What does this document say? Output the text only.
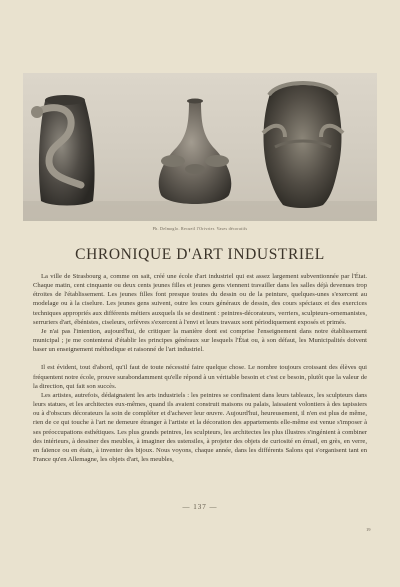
Ph. Delmoglo. Recueil l'Orivrier. Vases décoratifs
CHRONIQUE D'ART INDUSTRIEL

La ville de Strasbourg a, comme on sait, créé une école d'art industriel qui est assez largement subventionnée par l'État. Chaque matin, cent cinquante ou deux cents jeunes filles et jeunes gens viennent travailler dans les salles déjà devenues trop étroites de l'établissement. Les jeunes filles font presque toutes du dessin ou de la peinture, quelques-unes s'exercent au modelage ou à la ciselure. Les jeunes gens suivent, outre les cours généraux de dessin, des cours spéciaux et des exercices techniques appropriés aux différents métiers auxquels ils se destinent : peintres-décorateurs, verriers, sculpteurs-ornemanistes, serruriers d'art, ébénistes, ciseleurs, orfèvres s'exercent à l'envi et leurs travaux sont périodiquement exposés et primés.

Je n'ai pas l'intention, aujourd'hui, de critiquer la manière dont est comprise l'enseignement dans notre établissement municipal ; je me contenterai d'établir les principes généraux sur lesquels l'État ou, à son défaut, les Municipalités doivent baser un enseignement méthodique et raisonné de l'art industriel.

Il est évident, tout d'abord, qu'il faut de toute nécessité faire quelque chose. Le nombre toujours croissant des élèves qui fréquentent notre école, prouve surabondamment qu'elle répond à un véritable besoin et c'est ce besoin, plutôt que la valeur de la direction, qui fait son succès.

Les artistes, autrefois, dédaignaient les arts industriels : les peintres se confinaient dans leurs tableaux, les sculpteurs dans leurs statues, et les architectes eux-mêmes, quand ils avaient construit maisons ou palais, laissaient volontiers à des tapissiers ou à d'obscurs décorateurs la soin de compléter et d'achever leur œuvre. Aujourd'hui, heureusement, il n'en est plus de même, rien de ce qui touche à l'art ne demeure étranger à l'artiste et la décoration des appartements elle-même est venue s'imposer à ses préoccupations esthétiques. Les plus grands peintres, les sculpteurs, les architectes les plus illustres s'ingénient à combiner des intérieurs, à dessiner des meubles, à imaginer des ustensiles, à projeter des objets de curiosité en émail, en grès, en verre, en faïence ou en étain, à inventer des bijoux. Nous voyons, chaque année, dans les différents Salons qui s'organisent tant en France qu'en Allemagne, les objets d'art, les meubles,

— 137 —
19
